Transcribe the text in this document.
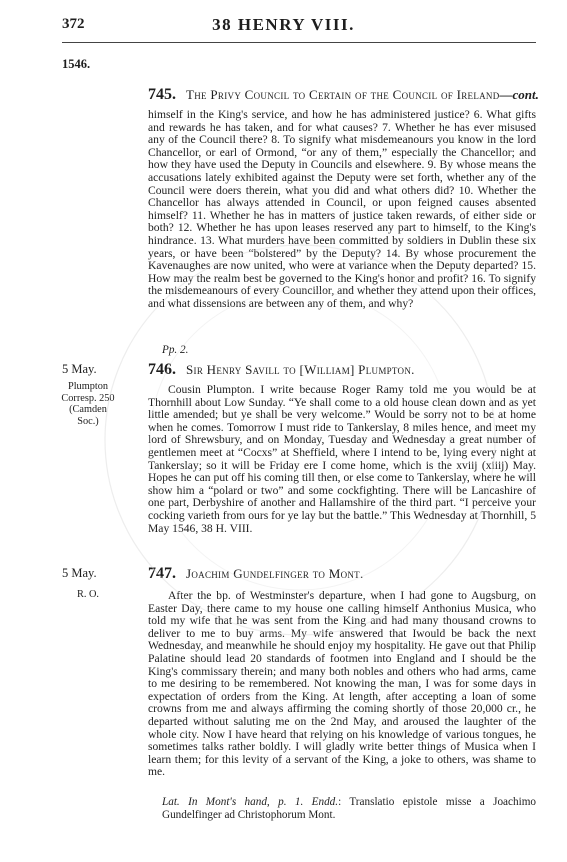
372	38 HENRY VIII.
1546.
745. The Privy Council to Certain of the Council of Ireland—cont.

himself in the King's service, and how he has administered justice? 6. What gifts and rewards he has taken, and for what causes? 7. Whether he has ever misused any of the Council there? 8. To signify what misdemeanours you know in the lord Chancellor, or earl of Ormond, “or any of them,” especially the Chancellor; and how they have used the Deputy in Councils and elsewhere. 9. By whose means the accusations lately exhibited against the Deputy were set forth, whether any of the Council were doers therein, what you did and what others did? 10. Whether the Chancellor has always attended in Council, or upon feigned causes absented himself? 11. Whether he has in matters of justice taken rewards, of either side or both? 12. Whether he has upon leases reserved any part to himself, to the King's hindrance. 13. What murders have been committed by soldiers in Dublin these six years, or have been “bolstered” by the Deputy? 14. By whose procurement the Kavenaughes are now united, who were at variance when the Deputy departed? 15. How may the realm best be governed to the King's honor and profit? 16. To signify the misdemeanours of every Councillor, and whether they attend upon their offices, and what dissensions are between any of them, and why?

Pp. 2.

5 May.
Plumpton
Corresp. 250
(Camden
Soc.)
746. Sir Henry Savill to [William] Plumpton.

Cousin Plumpton. I write because Roger Ramy told me you would be at Thornhill about Low Sunday. “Ye shall come to a old house clean down and as yet little amended; but ye shall be very welcome.” Would be sorry not to be at home when he comes. Tomorrow I must ride to Tankerslay, 8 miles hence, and meet my lord of Shrewsbury, and on Monday, Tuesday and Wednesday a great number of gentlemen meet at “Cocxs” at Sheffield, where I intend to be, lying every night at Tankerslay; so it will be Friday ere I come home, which is the xviij (xiiij) May. Hopes he can put off his coming till then, or else come to Tankerslay, where he will show him a “polard or two” and some cockfighting. There will be Lancashire of one part, Derbyshire of another and Hallamshire of the third part. “I perceive your cocking varieth from ours for ye lay but the battle.” This Wednesday at Thornhill, 5 May 1546, 38 H. VIII.

5 May.
R. O.
747. Joachim Gundelfinger to Mont.

After the bp. of Westminster's departure, when I had gone to Augsburg, on Easter Day, there came to my house one calling himself Anthonius Musica, who told my wife that he was sent from the King and had many thousand crowns to deliver to me to buy arms. My wife answered that Iwould be back the next Wednesday, and meanwhile he should enjoy my hospitality. He gave out that Philip Palatine should lead 20 standards of footmen into England and I should be the King's commissary therein; and many both nobles and others who had arms, came to me desiring to be remembered. Not knowing the man, I was for some days in expectation of orders from the King. At length, after accepting a loan of some crowns from me and always affirming the coming shortly of those 20,000 cr., he departed without saluting me on the 2nd May, and aroused the laughter of the whole city. Now I have heard that relying on his knowledge of various tongues, he sometimes talks rather boldly. I will gladly write better things of Musica when I learn them; for this levity of a servant of the King, a joke to others, was shame to me.

Lat. In Mont's hand, p. 1. Endd.: Translatio epistole misse a Joachimo Gundelfinger ad Christophorum Mont.
